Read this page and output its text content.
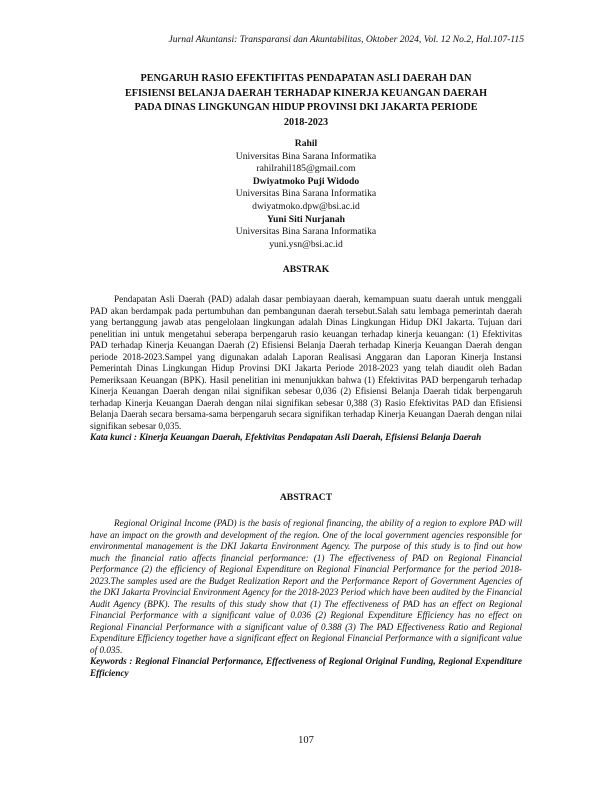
Jurnal Akuntansi: Transparansi dan Akuntabilitas, Oktober 2024, Vol. 12 No.2, Hal.107-115
PENGARUH RASIO EFEKTIFITAS PENDAPATAN ASLI DAERAH DAN
EFISIENSI BELANJA DAERAH TERHADAP KINERJA KEUANGAN DAERAH
PADA DINAS LINGKUNGAN HIDUP PROVINSI DKI JAKARTA PERIODE
2018-2023
Rahil
Universitas Bina Sarana Informatika
rahilrahil185@gmail.com
Dwiyatmoko Puji Widodo
Universitas Bina Sarana Informatika
dwiyatmoko.dpw@bsi.ac.id
Yuni Siti Nurjanah
Universitas Bina Sarana Informatika
yuni.ysn@bsi.ac.id
ABSTRAK

Pendapatan Asli Daerah (PAD) adalah dasar pembiayaan daerah, kemampuan suatu daerah untuk menggali PAD akan berdampak pada pertumbuhan dan pembangunan daerah tersebut.Salah satu lembaga pemerintah daerah yang bertanggung jawab atas pengelolaan lingkungan adalah Dinas Lingkungan Hidup DKI Jakarta. Tujuan dari penelitian ini untuk mengetahui seberapa berpengaruh rasio keuangan terhadap kinerja keuangan: (1) Efektivitas PAD terhadap Kinerja Keuangan Daerah (2) Efisiensi Belanja Daerah terhadap Kinerja Keuangan Daerah dengan periode 2018-2023.Sampel yang digunakan adalah Laporan Realisasi Anggaran dan Laporan Kinerja Instansi Pemerintah Dinas Lingkungan Hidup Provinsi DKI Jakarta Periode 2018-2023 yang telah diaudit oleh Badan Pemeriksaan Keuangan (BPK). Hasil penelitian ini menunjukkan bahwa (1) Efektivitas PAD berpengaruh terhadap Kinerja Keuangan Daerah dengan nilai signifikan sebesar 0,036 (2) Efisiensi Belanja Daerah tidak berpengaruh terhadap Kinerja Keuangan Daerah dengan nilai signifikan sebesar 0,388 (3) Rasio Efektivitas PAD dan Efisiensi Belanja Daerah secara bersama-sama berpengaruh secara signifikan terhadap Kinerja Keuangan Daerah dengan nilai signifikan sebesar 0,035.

Kata kunci : Kinerja Keuangan Daerah, Efektivitas Pendapatan Asli Daerah, Efisiensi Belanja Daerah

ABSTRACT

Regional Original Income (PAD) is the basis of regional financing, the ability of a region to explore PAD will have an impact on the growth and development of the region. One of the local government agencies responsible for environmental management is the DKI Jakarta Environment Agency. The purpose of this study is to find out how much the financial ratio affects financial performance: (1) The effectiveness of PAD on Regional Financial Performance (2) the efficiency of Regional Expenditure on Regional Financial Performance for the period 2018-2023.The samples used are the Budget Realization Report and the Performance Report of Government Agencies of the DKI Jakarta Provincial Environment Agency for the 2018-2023 Period which have been audited by the Financial Audit Agency (BPK). The results of this study show that (1) The effectiveness of PAD has an effect on Regional Financial Performance with a significant value of 0.036 (2) Regional Expenditure Efficiency has no effect on Regional Financial Performance with a significant value of 0.388 (3) The PAD Effectiveness Ratio and Regional Expenditure Efficiency together have a significant effect on Regional Financial Performance with a significant value of 0.035.

Keywords : Regional Financial Performance, Effectiveness of Regional Original Funding, Regional Expenditure Efficiency

107
